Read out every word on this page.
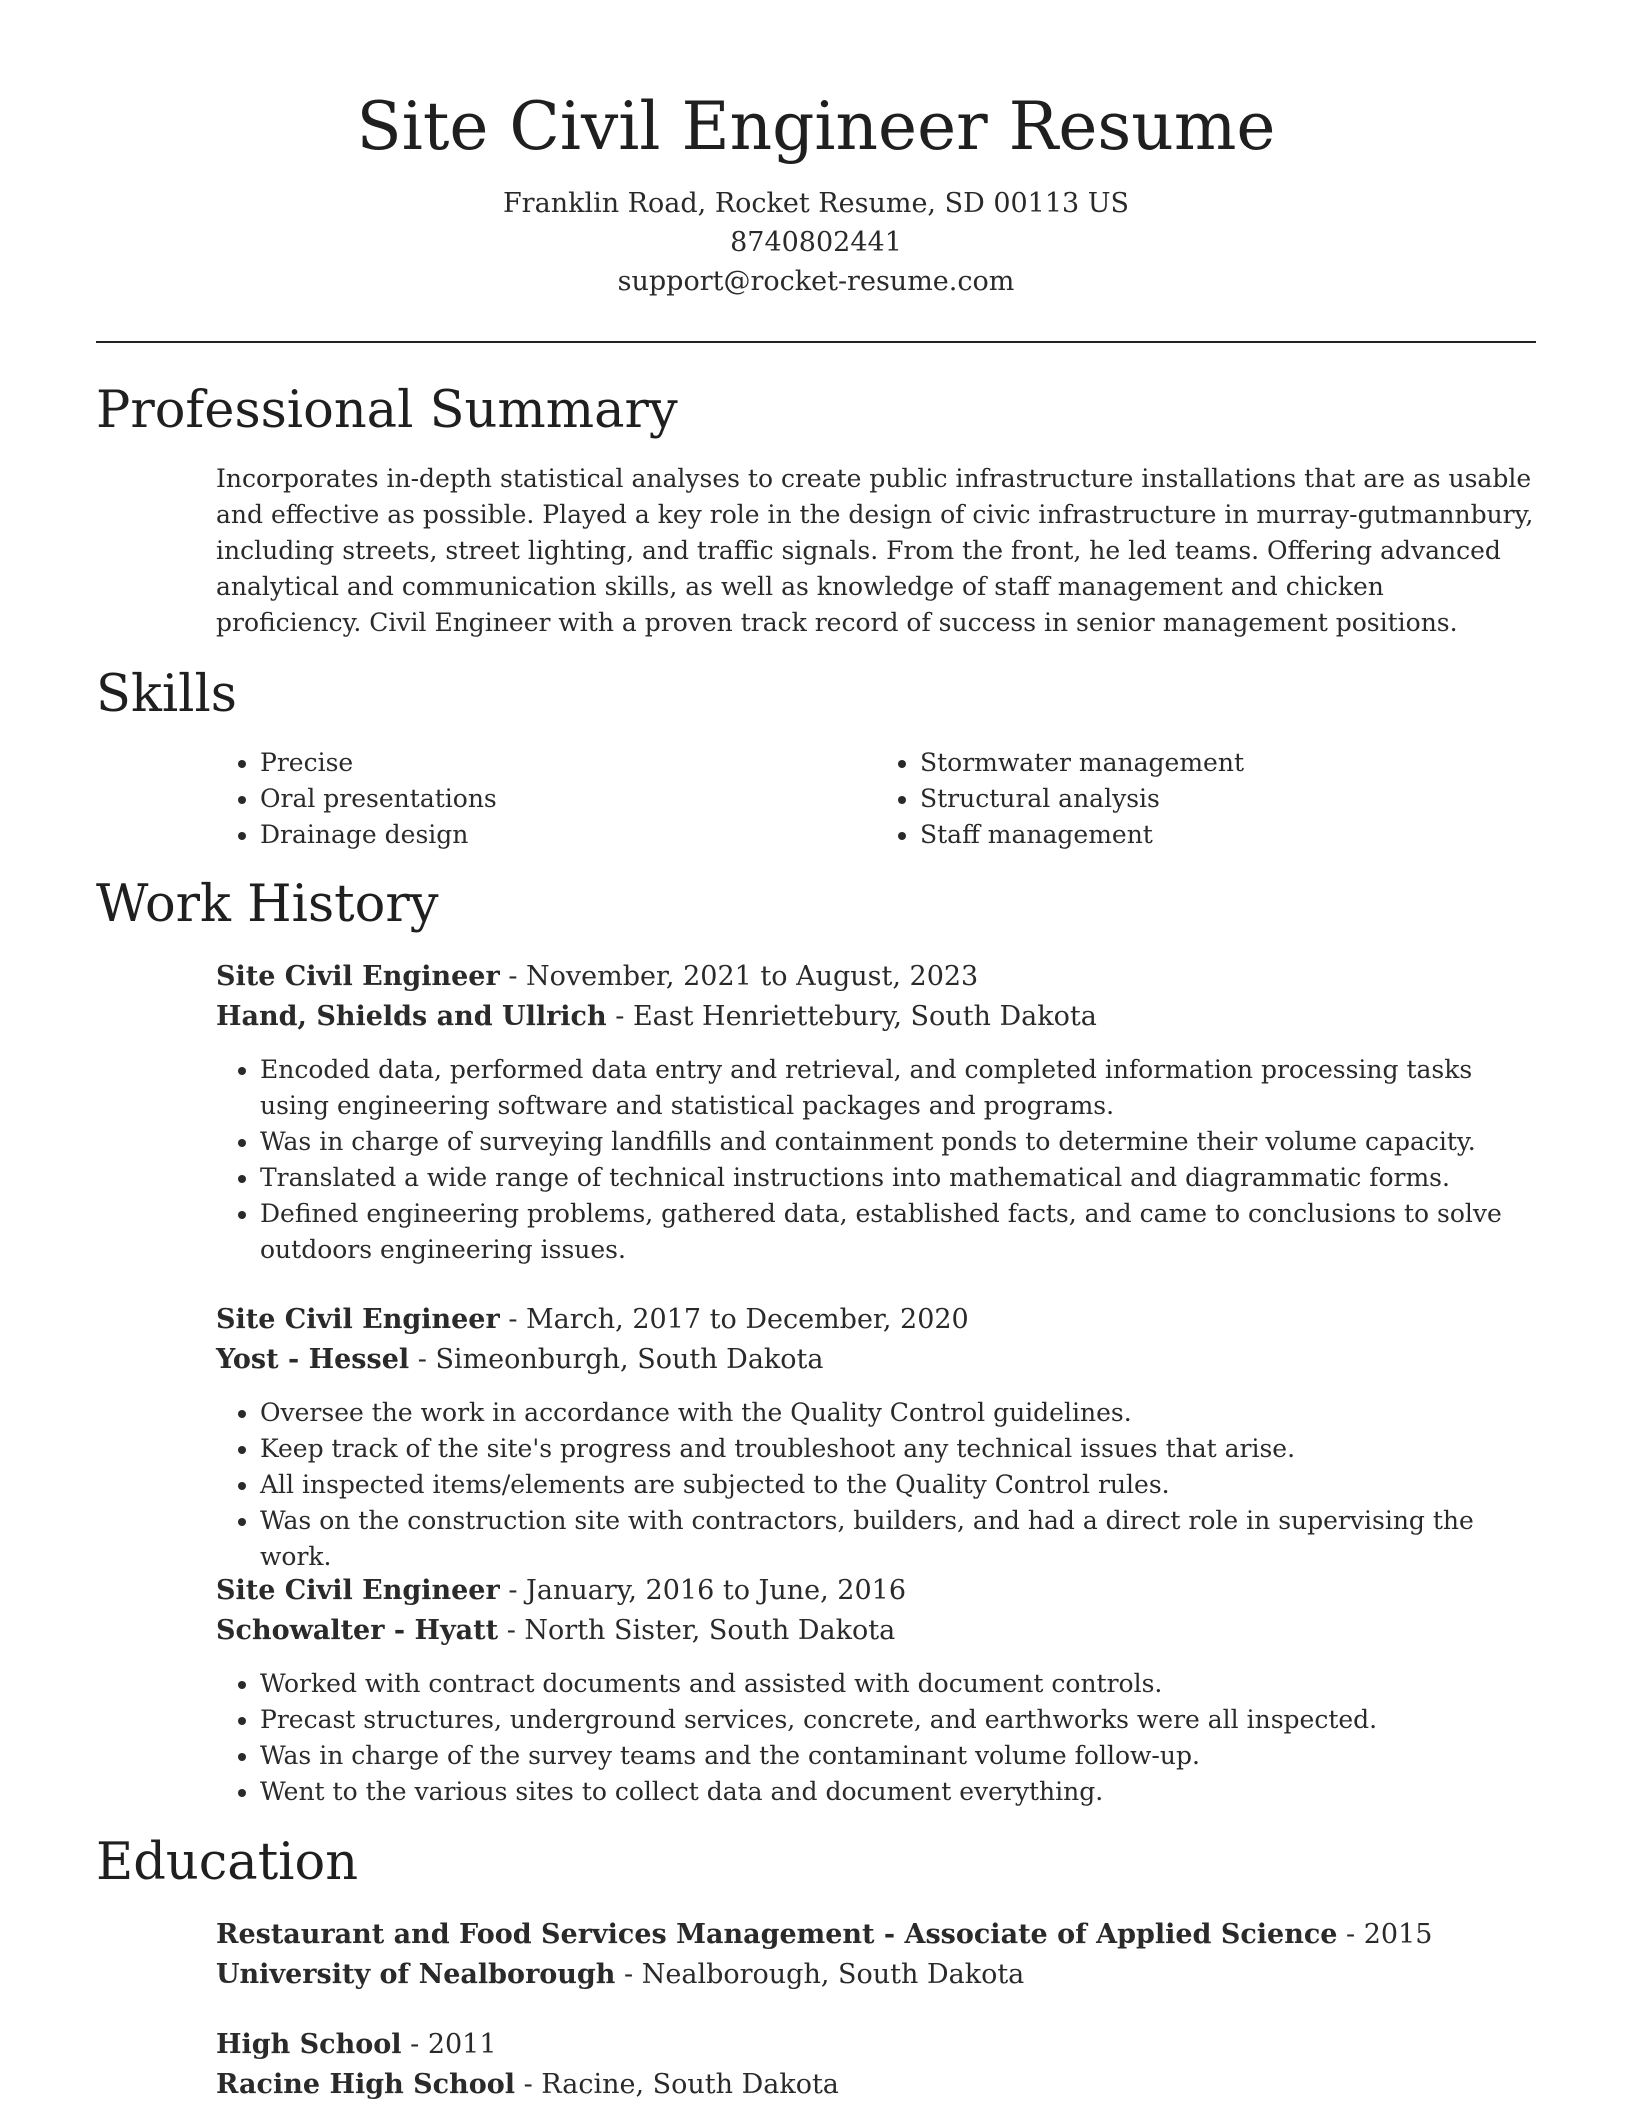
Site Civil Engineer Resume
Franklin Road, Rocket Resume, SD 00113 US
8740802441
support@rocket-resume.com
Professional Summary

Incorporates in-depth statistical analyses to create public infrastructure installations that are as usable and effective as possible. Played a key role in the design of civic infrastructure in murray-gutmannbury, including streets, street lighting, and traffic signals. From the front, he led teams. Offering advanced analytical and communication skills, as well as knowledge of staff management and chicken proficiency. Civil Engineer with a proven track record of success in senior management positions.

Skills
• Precise
• Oral presentations
• Drainage design
• Stormwater management
• Structural analysis
• Staff management
Work History
Site Civil Engineer - November, 2021 to August, 2023
Hand, Shields and Ullrich - East Henriettebury, South Dakota
• Encoded data, performed data entry and retrieval, and completed information processing tasks using engineering software and statistical packages and programs.
• Was in charge of surveying landfills and containment ponds to determine their volume capacity.
• Translated a wide range of technical instructions into mathematical and diagrammatic forms.
• Defined engineering problems, gathered data, established facts, and came to conclusions to solve outdoors engineering issues.
Site Civil Engineer - March, 2017 to December, 2020
Yost - Hessel - Simeonburgh, South Dakota
• Oversee the work in accordance with the Quality Control guidelines.
• Keep track of the site's progress and troubleshoot any technical issues that arise.
• All inspected items/elements are subjected to the Quality Control rules.
• Was on the construction site with contractors, builders, and had a direct role in supervising the work.
Site Civil Engineer - January, 2016 to June, 2016
Schowalter - Hyatt - North Sister, South Dakota
• Worked with contract documents and assisted with document controls.
• Precast structures, underground services, concrete, and earthworks were all inspected.
• Was in charge of the survey teams and the contaminant volume follow-up.
• Went to the various sites to collect data and document everything.
Education
Restaurant and Food Services Management - Associate of Applied Science - 2015
University of Nealborough - Nealborough, South Dakota
High School - 2011
Racine High School - Racine, South Dakota
